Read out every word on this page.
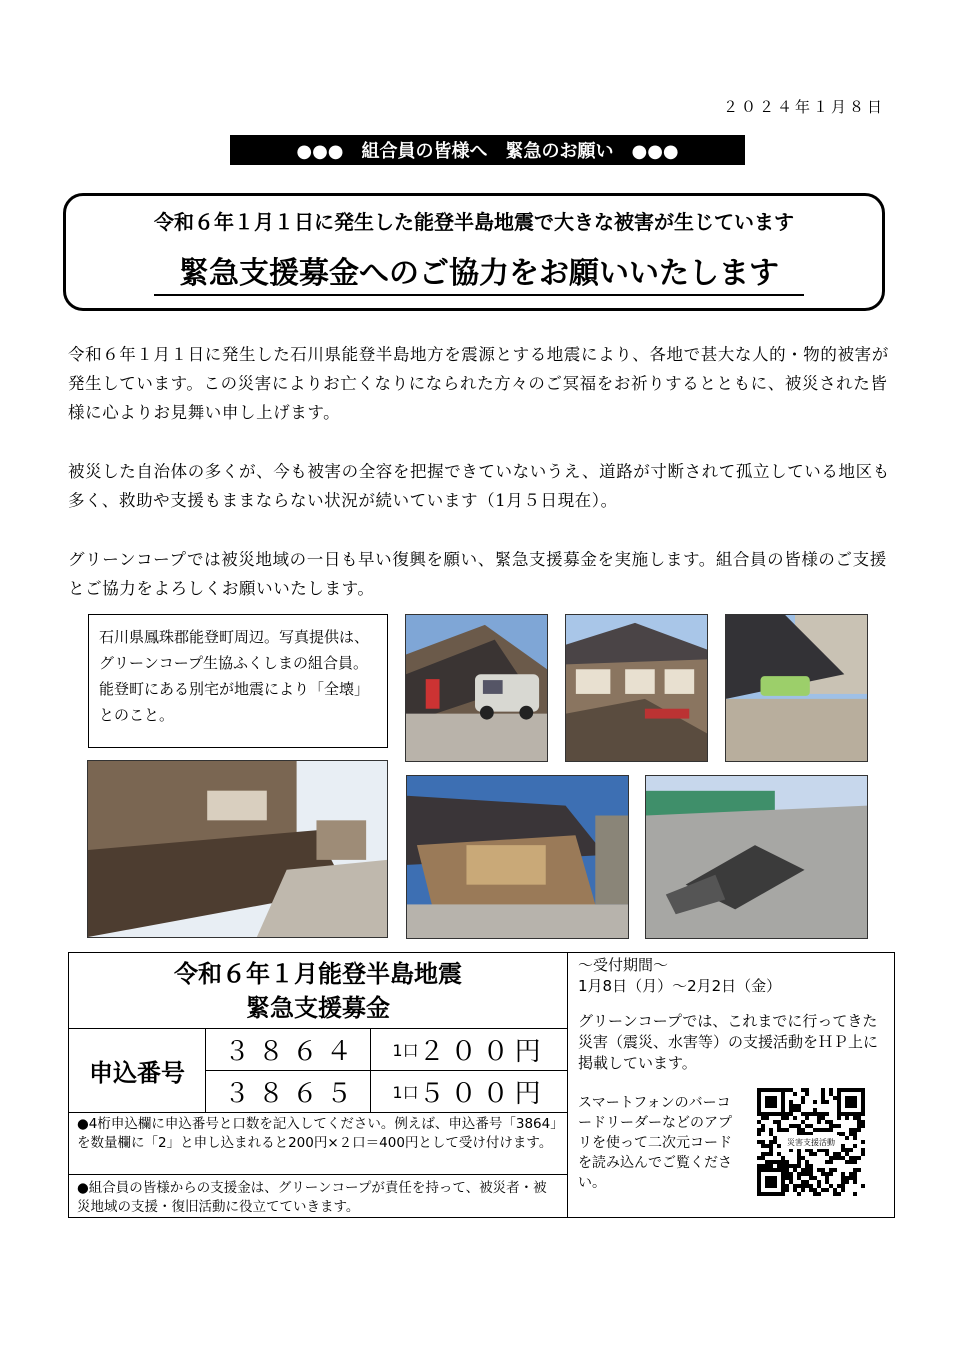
２０２４年１月８日
●●●　組合員の皆様へ　緊急のお願い　●●●
令和６年１月１日に発生した能登半島地震で大きな被害が生じています
緊急支援募金へのご協力をお願いいたします

令和６年１月１日に発生した石川県能登半島地方を震源とする地震により、各地で甚大な人的・物的被害が発生しています。この災害によりお亡くなりになられた方々のご冥福をお祈りするとともに、被災された皆様に心よりお見舞い申し上げます。

被災した自治体の多くが、今も被害の全容を把握できていないうえ、道路が寸断されて孤立している地区も多く、救助や支援もままならない状況が続いています（1月５日現在）。

グリーンコープでは被災地域の一日も早い復興を願い、緊急支援募金を実施します。組合員の皆様のご支援とご協力をよろしくお願いいたします。

石川県鳳珠郡能登町周辺。写真提供は、グリーンコープ生協ふくしまの組合員。能登町にある別宅が地震により「全壊」とのこと。
令和６年１月能登半島地震
緊急支援募金
申込番号
３８６４	1口 ２００円
３８６５	1口 ５００円
●4桁申込欄に申込番号と口数を記入してください。例えば、申込番号「3864」を数量欄に「2」と申し込まれると200円×２口＝400円として受け付けます。
●組合員の皆様からの支援金は、グリーンコープが責任を持って、被災者・被災地域の支援・復旧活動に役立てていきます。
～受付期間～
1月8日（月）～2月2日（金）
グリーンコープでは、これまでに行ってきた災害（震災、水害等）の支援活動をＨＰ上に掲載しています。
スマートフォンのバーコードリーダーなどのアプリを使って二次元コードを読み込んでご覧ください。
災害支援活動
